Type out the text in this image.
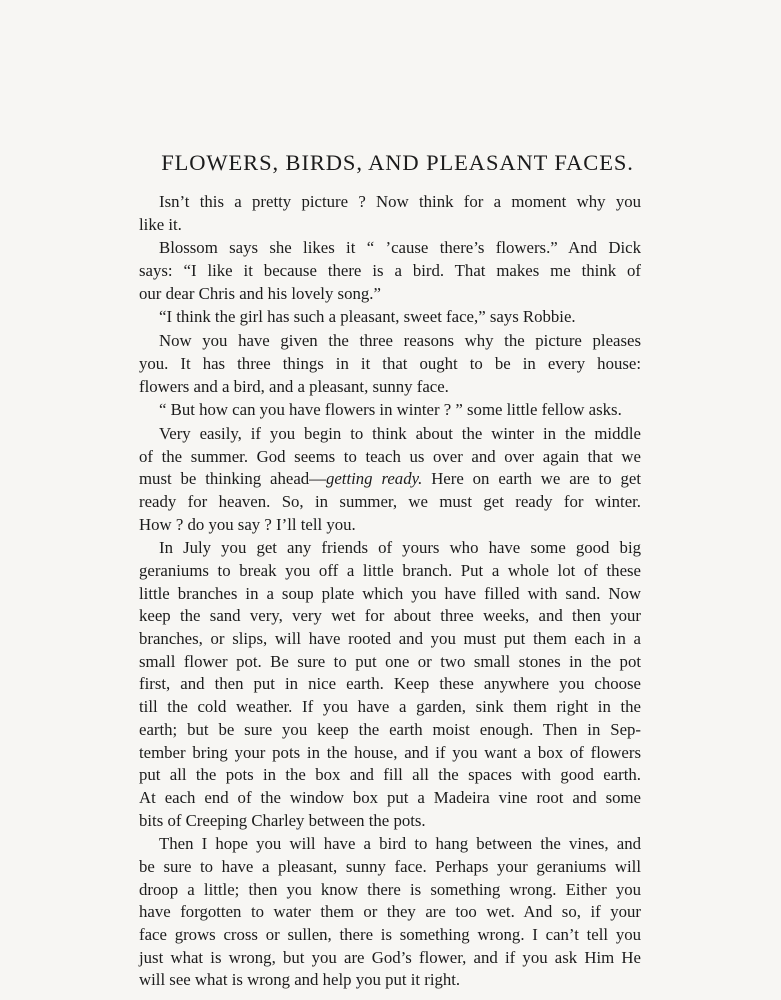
FLOWERS, BIRDS, AND PLEASANT FACES.
Isn’t this a pretty picture ? Now think for a moment why you
like it.
Blossom says she likes it “ ’cause there’s flowers.” And Dick
says: “I like it because there is a bird. That makes me think of
our dear Chris and his lovely song.”
“I think the girl has such a pleasant, sweet face,” says Robbie.
Now you have given the three reasons why the picture pleases
you. It has three things in it that ought to be in every house:
flowers and a bird, and a pleasant, sunny face.
“ But how can you have flowers in winter ? ” some little fellow asks.
Very easily, if you begin to think about the winter in the middle
of the summer. God seems to teach us over and over again that we
must be thinking ahead—getting ready. Here on earth we are to get
ready for heaven. So, in summer, we must get ready for winter.
How ? do you say ? I’ll tell you.
In July you get any friends of yours who have some good big
geraniums to break you off a little branch. Put a whole lot of these
little branches in a soup plate which you have filled with sand. Now
keep the sand very, very wet for about three weeks, and then your
branches, or slips, will have rooted and you must put them each in a
small flower pot. Be sure to put one or two small stones in the pot
first, and then put in nice earth. Keep these anywhere you choose
till the cold weather. If you have a garden, sink them right in the
earth; but be sure you keep the earth moist enough. Then in Sep-
tember bring your pots in the house, and if you want a box of flowers
put all the pots in the box and fill all the spaces with good earth.
At each end of the window box put a Madeira vine root and some
bits of Creeping Charley between the pots.
Then I hope you will have a bird to hang between the vines, and
be sure to have a pleasant, sunny face. Perhaps your geraniums will
droop a little; then you know there is something wrong. Either you
have forgotten to water them or they are too wet. And so, if your
face grows cross or sullen, there is something wrong. I can’t tell you
just what is wrong, but you are God’s flower, and if you ask Him He
will see what is wrong and help you put it right.
